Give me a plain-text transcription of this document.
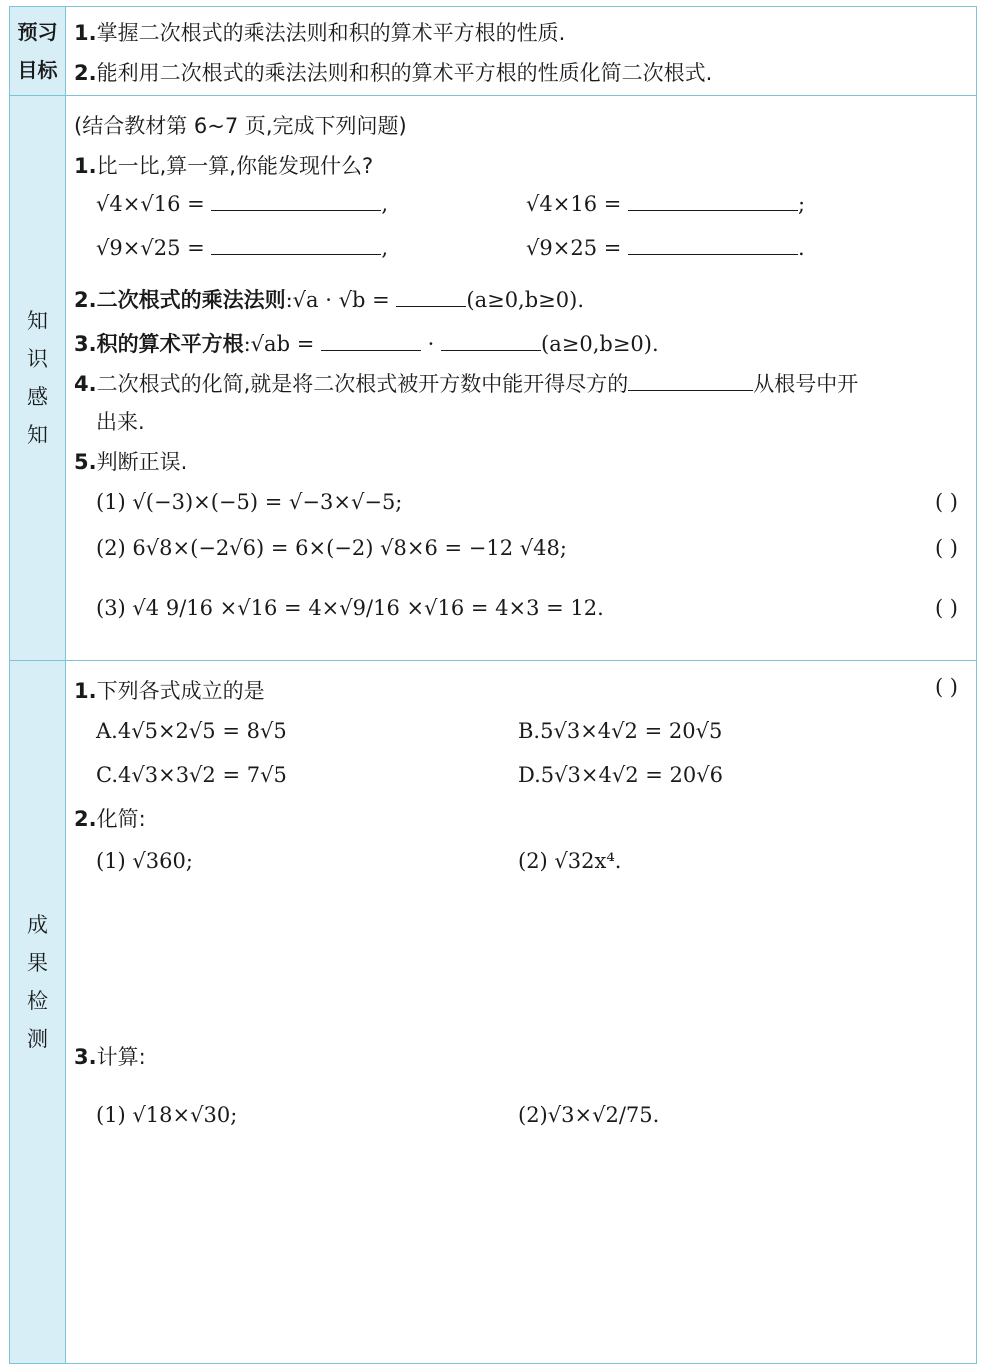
预习
目标
1.掌握二次根式的乘法法则和积的算术平方根的性质.
2.能利用二次根式的乘法法则和积的算术平方根的性质化简二次根式.
知
识
感
知
(结合教材第 6~7 页,完成下列问题)
1.比一比,算一算,你能发现什么?
√4×√16 =	,	√4×16 =	;
√9×√25 =	,	√9×25 =	.
2.二次根式的乘法法则:√a · √b =	(a≥0,b≥0).
3.积的算术平方根:√ab =	·	(a≥0,b≥0).
4.二次根式的化简,就是将二次根式被开方数中能开得尽方的	从根号中开
出来.
5.判断正误.
(1) √(−3)×(−5) = √−3×√−5;	( )
(2) 6√8×(−2√6) = 6×(−2) √8×6 = −12 √48;	( )
(3) √4 9/16 ×√16 = 4×√9/16 ×√16 = 4×3 = 12.	( )
成
果
检
测
1.下列各式成立的是	( )
A.4√5×2√5 = 8√5	B.5√3×4√2 = 20√5
C.4√3×3√2 = 7√5	D.5√3×4√2 = 20√6
2.化简:
(1) √360;	(2) √32x⁴.
3.计算:
(1) √18×√30;	(2)√3×√2/75.
